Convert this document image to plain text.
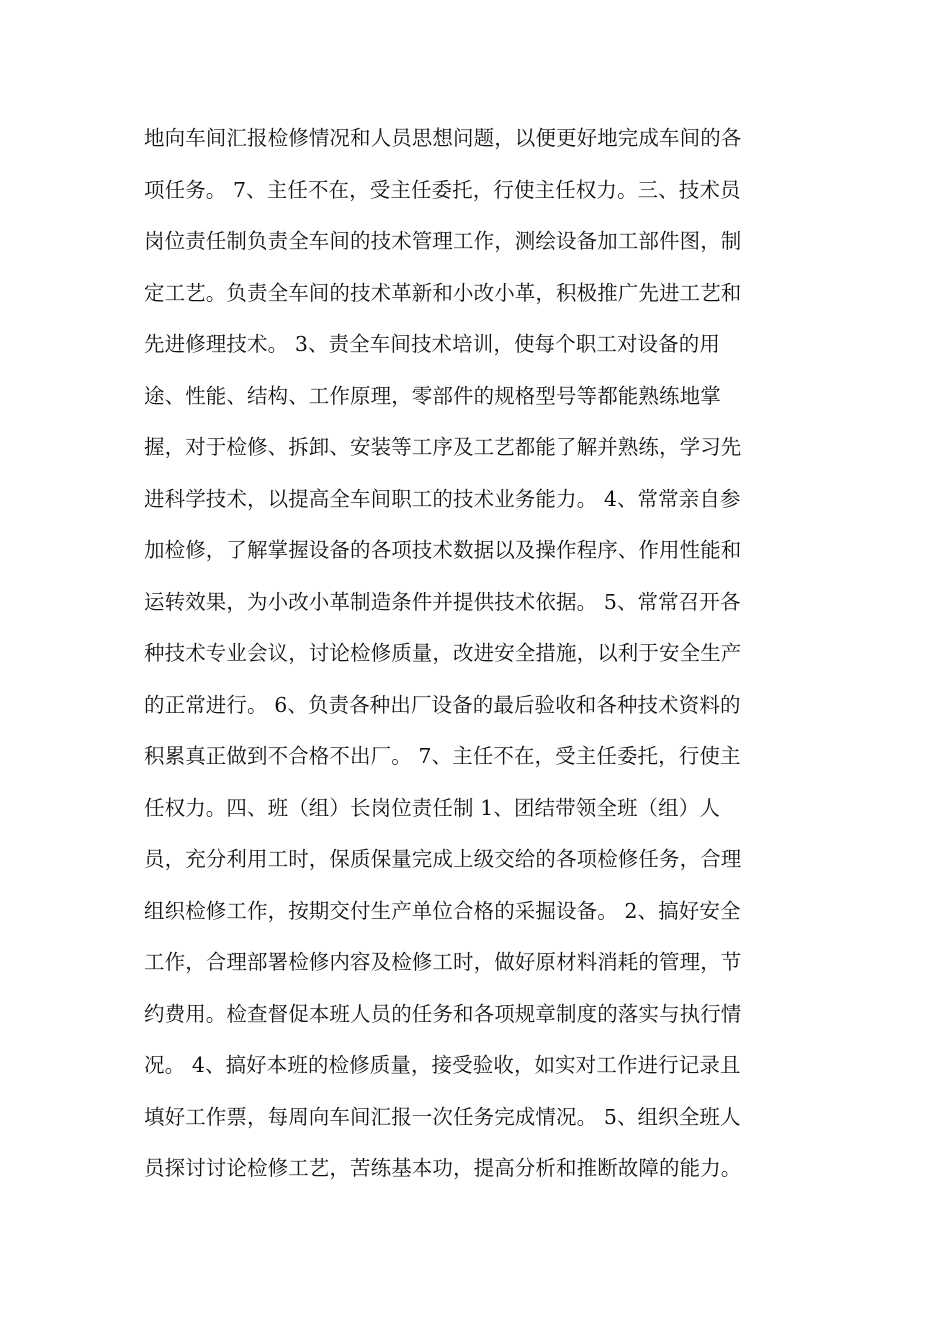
地向车间汇报检修情况和人员思想问题，以便更好地完成车间的各
项任务。 7、主任不在，受主任委托，行使主任权力。三、技术员
岗位责任制负责全车间的技术管理工作，测绘设备加工部件图，制
定工艺。负责全车间的技术革新和小改小革，积极推广先进工艺和
先进修理技术。 3、责全车间技术培训，使每个职工对设备的用
途、性能、结构、工作原理，零部件的规格型号等都能熟练地掌
握，对于检修、拆卸、安装等工序及工艺都能了解并熟练，学习先
进科学技术，以提高全车间职工的技术业务能力。 4、常常亲自参
加检修，了解掌握设备的各项技术数据以及操作程序、作用性能和
运转效果，为小改小革制造条件并提供技术依据。 5、常常召开各
种技术专业会议，讨论检修质量，改进安全措施，以利于安全生产
的正常进行。 6、负责各种出厂设备的最后验收和各种技术资料的
积累真正做到不合格不出厂。 7、主任不在，受主任委托，行使主
任权力。四、班（组）长岗位责任制 1、团结带领全班（组）人
员，充分利用工时，保质保量完成上级交给的各项检修任务，合理
组织检修工作，按期交付生产单位合格的采掘设备。 2、搞好安全
工作，合理部署检修内容及检修工时，做好原材料消耗的管理，节
约费用。检查督促本班人员的任务和各项规章制度的落实与执行情
况。 4、搞好本班的检修质量，接受验收，如实对工作进行记录且
填好工作票，每周向车间汇报一次任务完成情况。 5、组织全班人
员探讨讨论检修工艺，苦练基本功，提高分析和推断故障的能力。
